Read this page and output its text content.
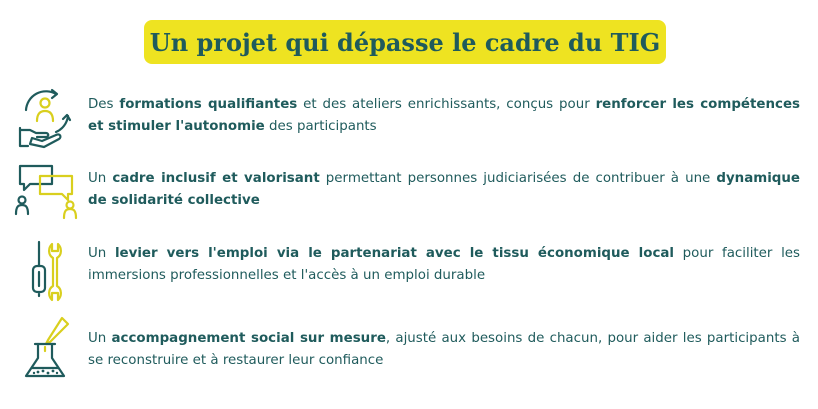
Un projet qui dépasse le cadre du TIG
Des formations qualifiantes et des ateliers enrichissants, conçus pour renforcer les compétences et stimuler l'autonomie des participants
Un cadre inclusif et valorisant permettant personnes judiciarisées de contribuer à une dynamique de solidarité collective
Un levier vers l'emploi via le partenariat avec le tissu économique local pour faciliter les immersions professionnelles et l'accès à un emploi durable
Un accompagnement social sur mesure, ajusté aux besoins de chacun, pour aider les participants à se reconstruire et à restaurer leur confiance
